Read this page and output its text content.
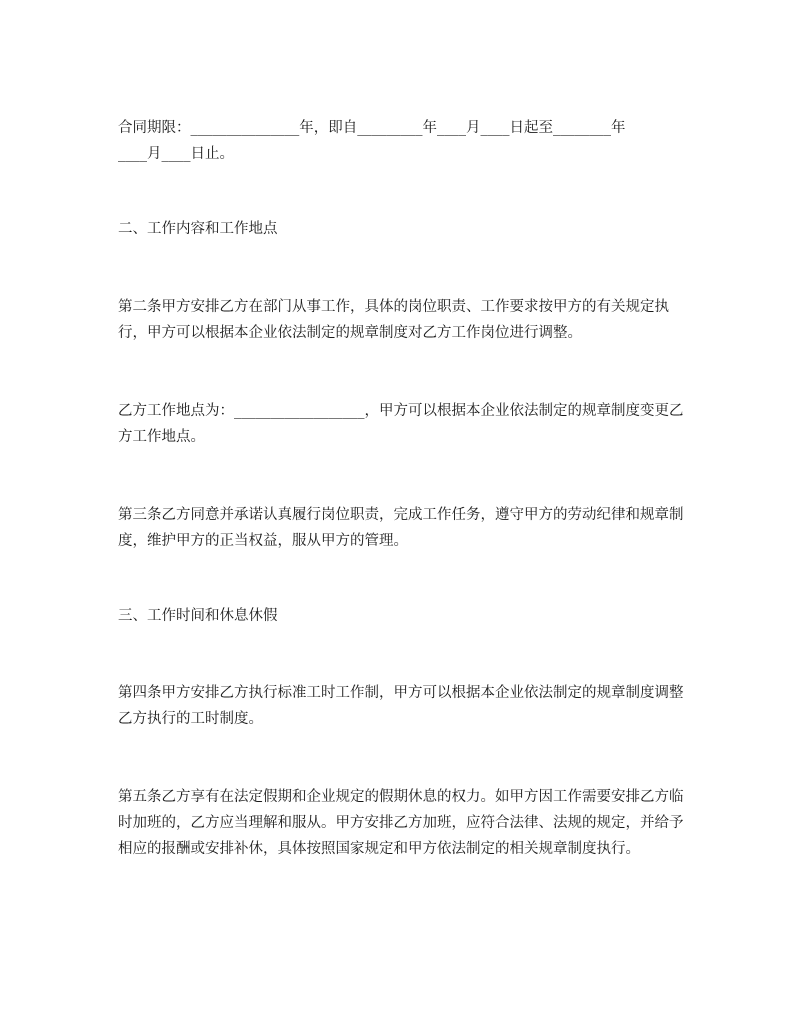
合同期限：_______________年，即自_________年____月____日起至________年

____月____日止。

二、工作内容和工作地点

第二条甲方安排乙方在部门从事工作，具体的岗位职责、工作要求按甲方的有关规定执行，甲方可以根据本企业依法制定的规章制度对乙方工作岗位进行调整。

乙方工作地点为：__________________，甲方可以根据本企业依法制定的规章制度变更乙方工作地点。

第三条乙方同意并承诺认真履行岗位职责，完成工作任务，遵守甲方的劳动纪律和规章制度，维护甲方的正当权益，服从甲方的管理。

三、工作时间和休息休假

第四条甲方安排乙方执行标准工时工作制，甲方可以根据本企业依法制定的规章制度调整乙方执行的工时制度。

第五条乙方享有在法定假期和企业规定的假期休息的权力。如甲方因工作需要安排乙方临时加班的，乙方应当理解和服从。甲方安排乙方加班，应符合法律、法规的规定，并给予相应的报酬或安排补休，具体按照国家规定和甲方依法制定的相关规章制度执行。
